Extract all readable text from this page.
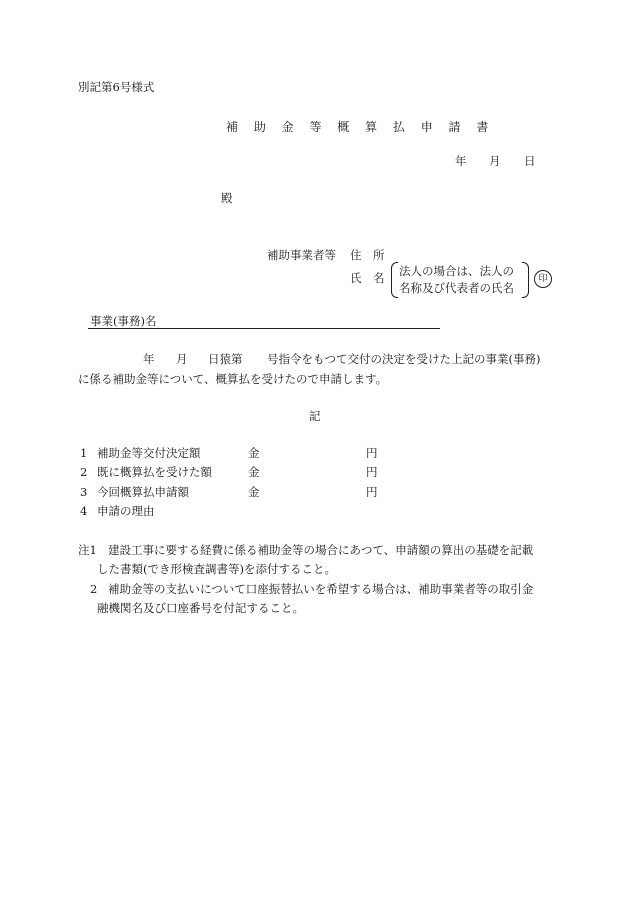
別記第6号様式
補 助 金 等 概 算 払 申 請 書
年 月 日
殿
補助事業者等 住　所
氏　名 法人の場合は、法人の
名称及び代表者の氏名
印
事業(事務)名
年 月 日猿第 号指令をもつて交付の決定を受けた上記の事業(事務)
に係る補助金等について、概算払を受けたので申請します。
記
1 補助金等交付決定額	金	円
2 既に概算払を受けた額	金	円
3 今回概算払申請額	金	円
4 申請の理由
注1 建設工事に要する経費に係る補助金等の場合にあつて、申請額の算出の基礎を記載
した書類(でき形検査調書等)を添付すること。
2 補助金等の支払いについて口座振替払いを希望する場合は、補助事業者等の取引金
融機関名及び口座番号を付記すること。
